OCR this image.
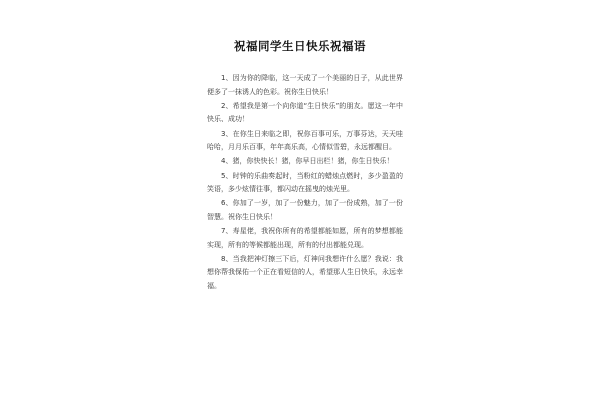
祝福同学生日快乐祝福语

1、因为你的降临，这一天成了一个美丽的日子，从此世界便多了一抹诱人的色彩。祝你生日快乐！

2、希望我是第一个向你道“生日快乐”的朋友。愿这一年中快乐、成功！

3、在你生日来临之即，祝你百事可乐，万事芬达，天天哇哈哈，月月乐百事，年年高乐高，心情似雪碧，永远都醒目。

4、猪，你快快长！猪，你早日出栏！猪，你生日快乐！

5、时钟的乐曲奏起时，当粉红的蜡烛点燃时，多少盈盈的笑语，多少炫情往事，都闪动在摇曳的烛光里。

6、你加了一岁，加了一份魅力，加了一份成熟，加了一份智慧。祝你生日快乐！

7、寿星佬，我祝你所有的希望都能如愿，所有的梦想都能实现，所有的等候都能出现，所有的付出都能兑现。

8、当我把神灯擦三下后，灯神问我想许什么愿？我说：我想你帮我保佑一个正在看短信的人，希望那人生日快乐，永远幸福。
